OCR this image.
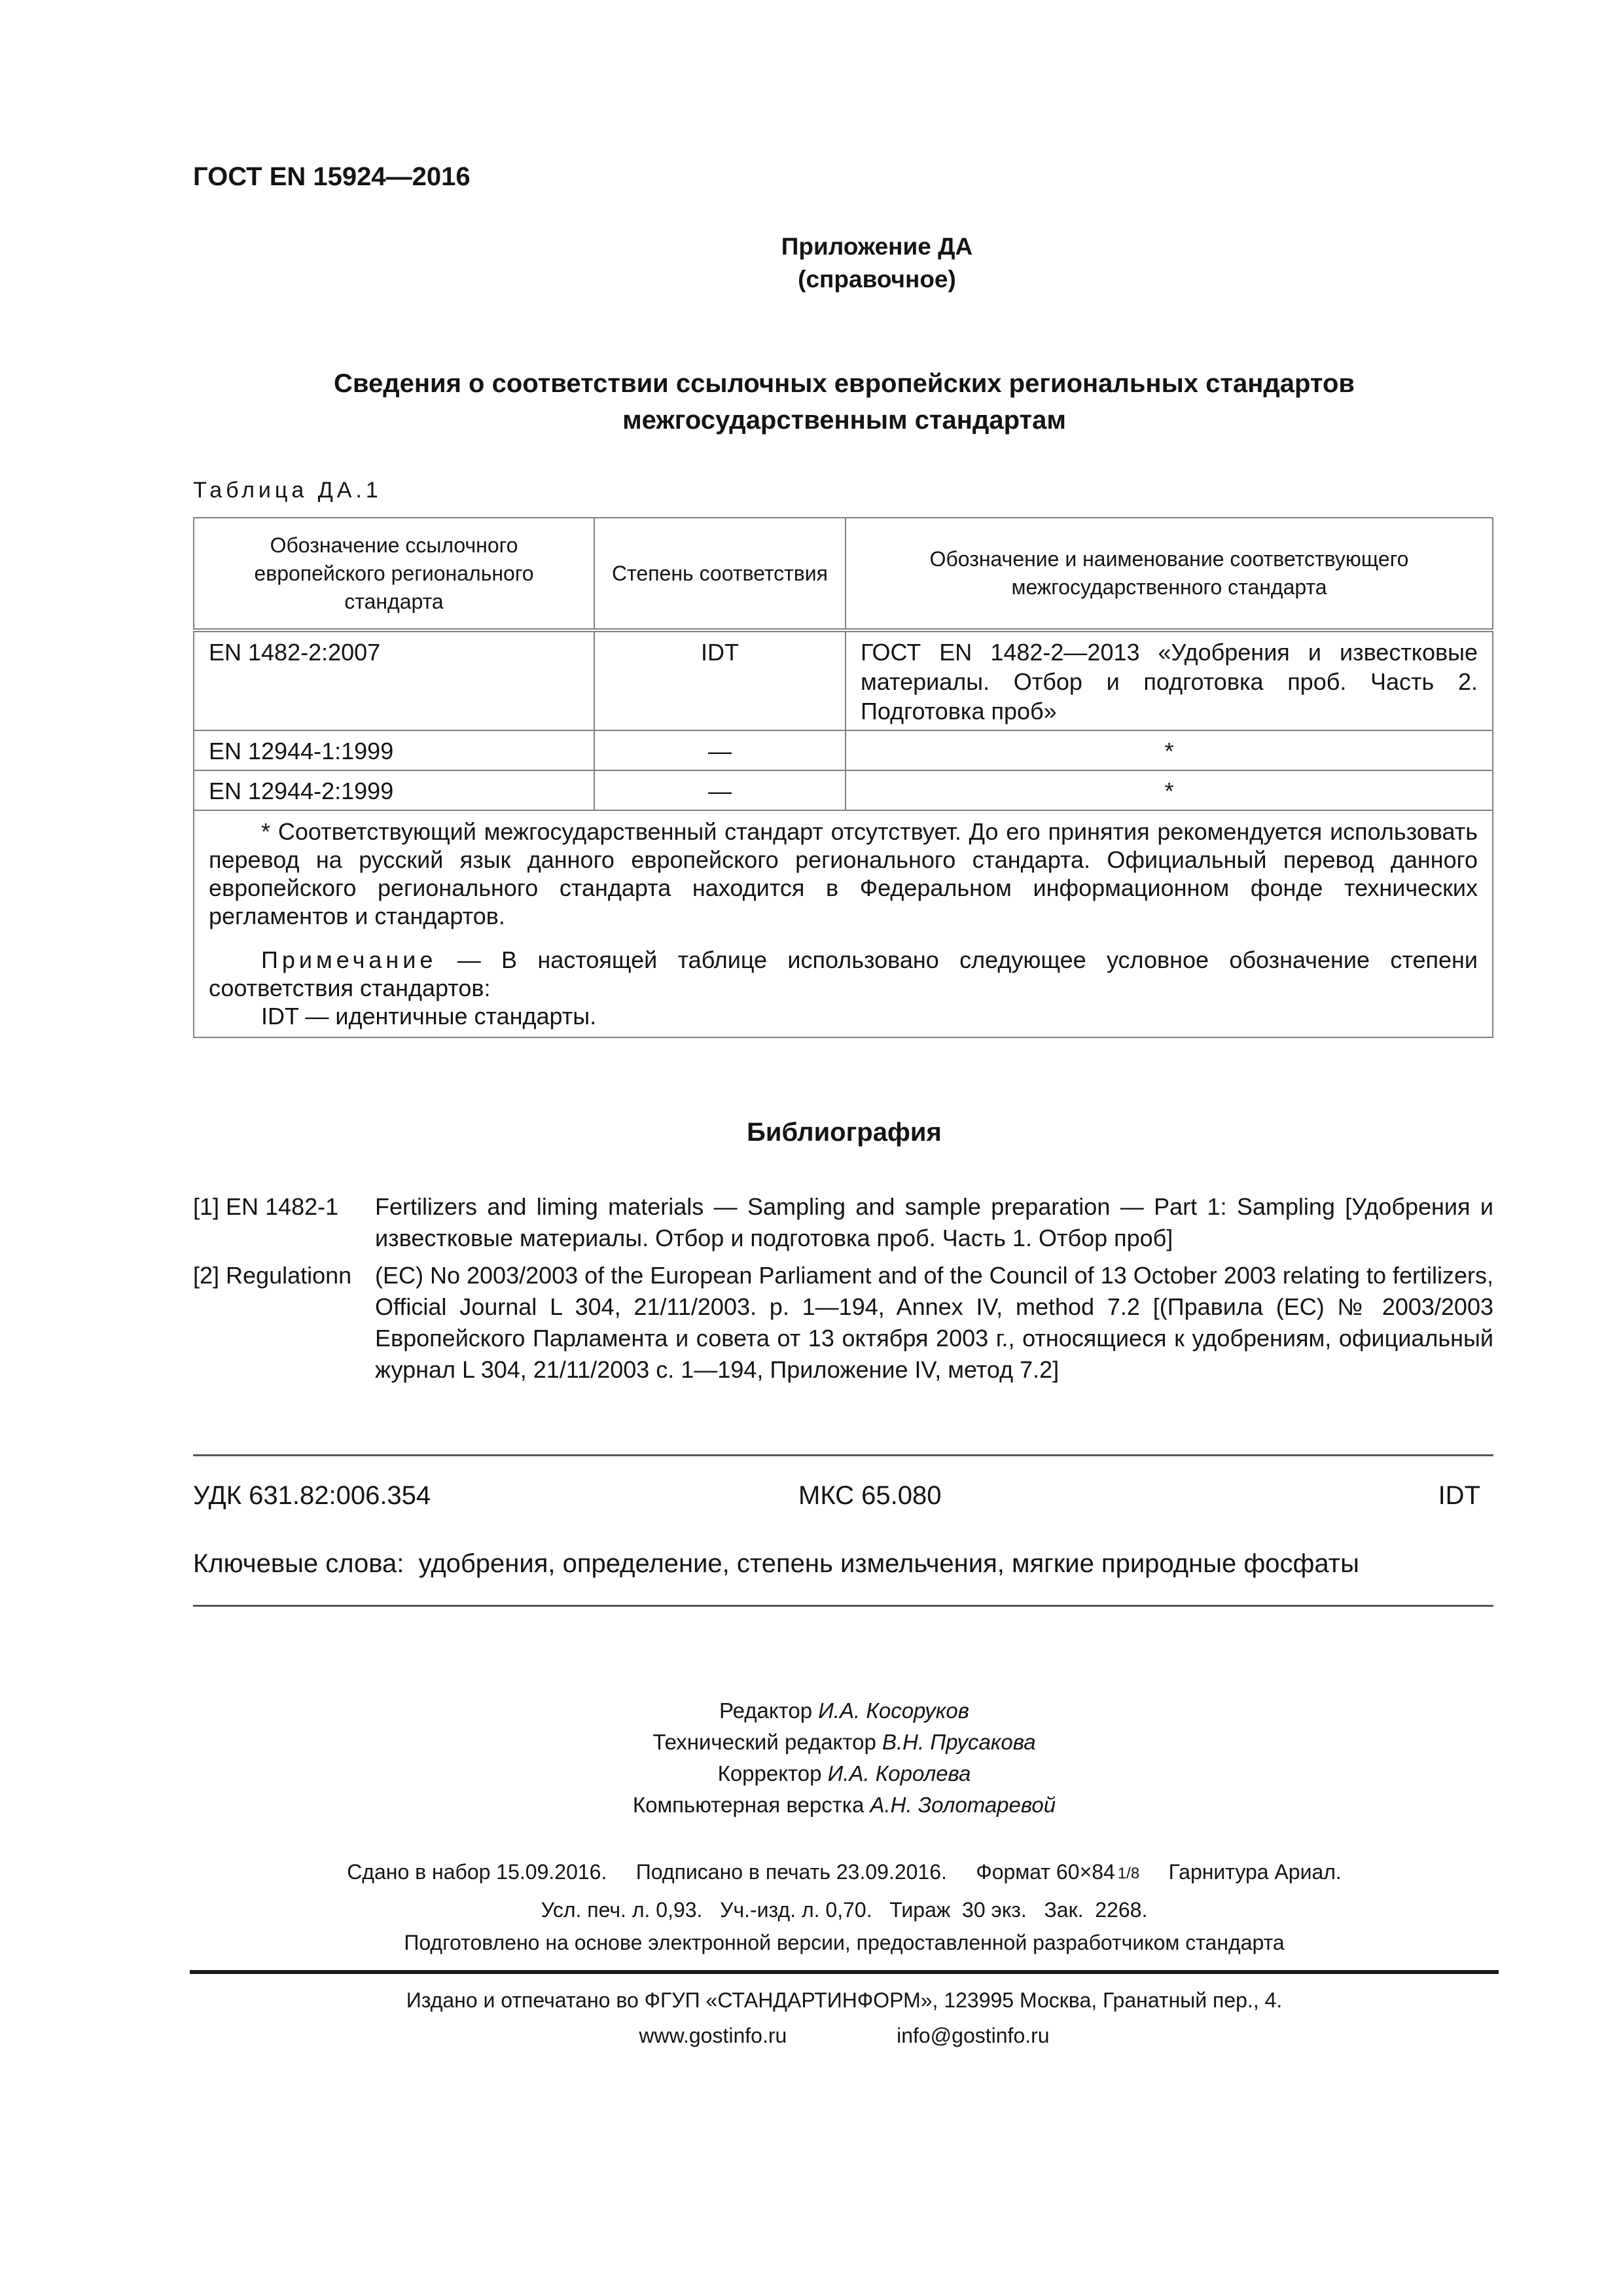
ГОСТ EN 15924—2016
Приложение ДА
(справочное)
Сведения о соответствии ссылочных европейских региональных стандартов
межгосударственным стандартам
Таблица ДА.1
Обозначение ссылочного европейского регионального стандарта	Степень соответствия	Обозначение и наименование соответствующего межгосударственного стандарта
EN 1482-2:2007	IDT	ГОСТ EN 1482-2—2013 «Удобрения и известковые материалы. Отбор и подготовка проб. Часть 2. Подготовка проб»
EN 12944-1:1999	—	*
EN 12944-2:1999	—	*

* Соответствующий межгосударственный стандарт отсутствует. До его принятия рекомендуется использовать перевод на русский язык данного европейского регионального стандарта. Официальный перевод данного европейского регионального стандарта находится в Федеральном информационном фонде технических регламентов и стандартов.

Примечание — В настоящей таблице использовано следующее условное обозначение степени соответствия стандартов:

IDT — идентичные стандарты.		

Библиография
[1] EN 1482-1 Fertilizers and liming materials — Sampling and sample preparation — Part 1: Sampling [Удобрения и известковые материалы. Отбор и подготовка проб. Часть 1. Отбор проб]
[2] Regulationn (EC) No 2003/2003 of the European Parliament and of the Council of 13 October 2003 relating to fertilizers, Official Journal L 304, 21/11/2003. p. 1—194, Annex IV, method 7.2 [(Правила (ЕС) № 2003/2003 Европейского Парламента и совета от 13 октября 2003 г., относящиеся к удобрениям, официальный журнал L 304, 21/11/2003 с. 1—194, Приложение IV, метод 7.2]
УДК 631.82:006.354	МКС 65.080	IDT
Ключевые слова: удобрения, определение, степень измельчения, мягкие природные фосфаты
Редактор И.А. Косоруков
Технический редактор В.Н. Прусакова
Корректор И.А. Королева
Компьютерная верстка А.Н. Золотаревой
Сдано в набор 15.09.2016. Подписано в печать 23.09.2016. Формат 60×84 1/8 Гарнитура Ариал.
Усл. печ. л. 0,93.   Уч.-изд. л. 0,70.   Тираж  30 экз.   Зак.  2268.
Подготовлено на основе электронной версии, предоставленной разработчиком стандарта
Издано и отпечатано во ФГУП «СТАНДАРТИНФОРМ», 123995 Москва, Гранатный пер., 4.
www.gostinfo.ru	info@gostinfo.ru
